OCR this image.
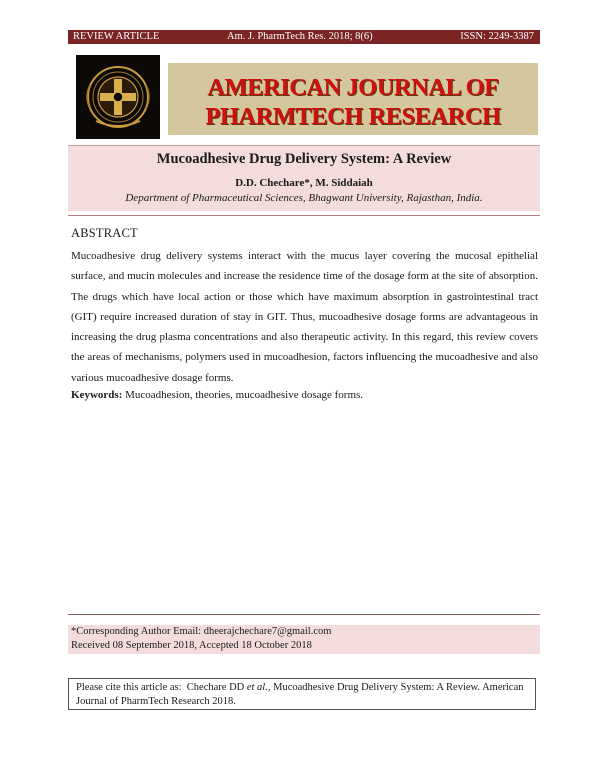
REVIEW ARTICLE	Am. J. PharmTech Res. 2018; 8(6)	ISSN: 2249-3387
AMERICAN JOURNAL OF
PHARMTECH RESEARCH
Mucoadhesive Drug Delivery System: A Review
D.D. Chechare*, M. Siddaiah
Department of Pharmaceutical Sciences, Bhagwant University, Rajasthan, India.
ABSTRACT

Mucoadhesive drug delivery systems interact with the mucus layer covering the mucosal epithelial surface, and mucin molecules and increase the residence time of the dosage form at the site of absorption. The drugs which have local action or those which have maximum absorption in gastrointestinal tract (GIT) require increased duration of stay in GIT. Thus, mucoadhesive dosage forms are advantageous in increasing the drug plasma concentrations and also therapeutic activity. In this regard, this review covers the areas of mechanisms, polymers used in mucoadhesion, factors influencing the mucoadhesive and also various mucoadhesive dosage forms.

Keywords: Mucoadhesion, theories, mucoadhesive dosage forms.
*Corresponding Author Email: dheerajchechare7@gmail.com
Received 08 September 2018, Accepted 18 October 2018
Please cite this article as: Chechare DD et al., Mucoadhesive Drug Delivery System: A Review. American
Journal of PharmTech Research 2018.
